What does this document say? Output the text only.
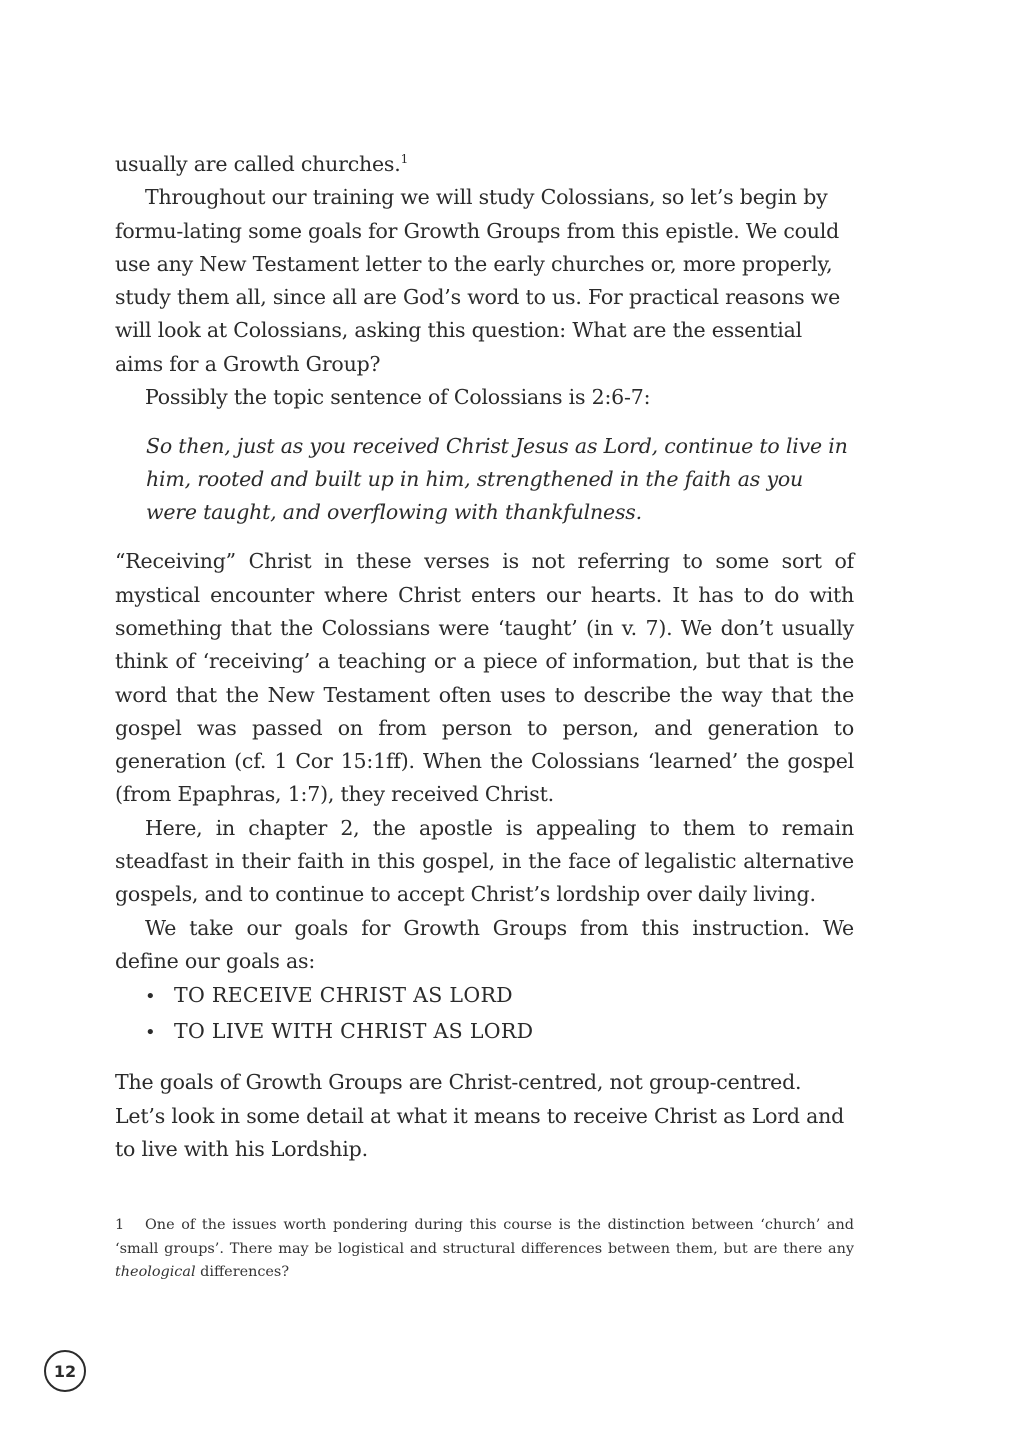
usually are called churches.$^1$

Throughout our training we will study Colossians, so let’s begin by formu-lating some goals for Growth Groups from this epistle. We could use any New Testament letter to the early churches or, more properly, study them all, since all are God’s word to us. For practical reasons we will look at Colossians, asking this question: What are the essential aims for a Growth Group?

Possibly the topic sentence of Colossians is 2:6-7:

So then, just as you received Christ Jesus as Lord, continue to live in him, rooted and built up in him, strengthened in the faith as you were taught, and overflowing with thankfulness.

“Receiving” Christ in these verses is not referring to some sort of mystical encounter where Christ enters our hearts. It has to do with something that the Colossians were ‘taught’ (in v. 7). We don’t usually think of ‘receiving’ a teaching or a piece of information, but that is the word that the New Testament often uses to describe the way that the gospel was passed on from person to person, and generation to generation (cf. 1 Cor 15:1ff). When the Colossians ‘learned’ the gospel (from Epaphras, 1:7), they received Christ.

Here, in chapter 2, the apostle is appealing to them to remain steadfast in their faith in this gospel, in the face of legalistic alternative gospels, and to continue to accept Christ’s lordship over daily living.

We take our goals for Growth Groups from this instruction. We define our goals as:

• TO RECEIVE CHRIST AS LORD
• TO LIVE WITH CHRIST AS LORD

The goals of Growth Groups are Christ-centred, not group-centred. Let’s look in some detail at what it means to receive Christ as Lord and to live with his Lordship.

1 One of the issues worth pondering during this course is the distinction between ‘church’ and ‘small groups’. There may be logistical and structural differences between them, but are there any theological differences?
12
